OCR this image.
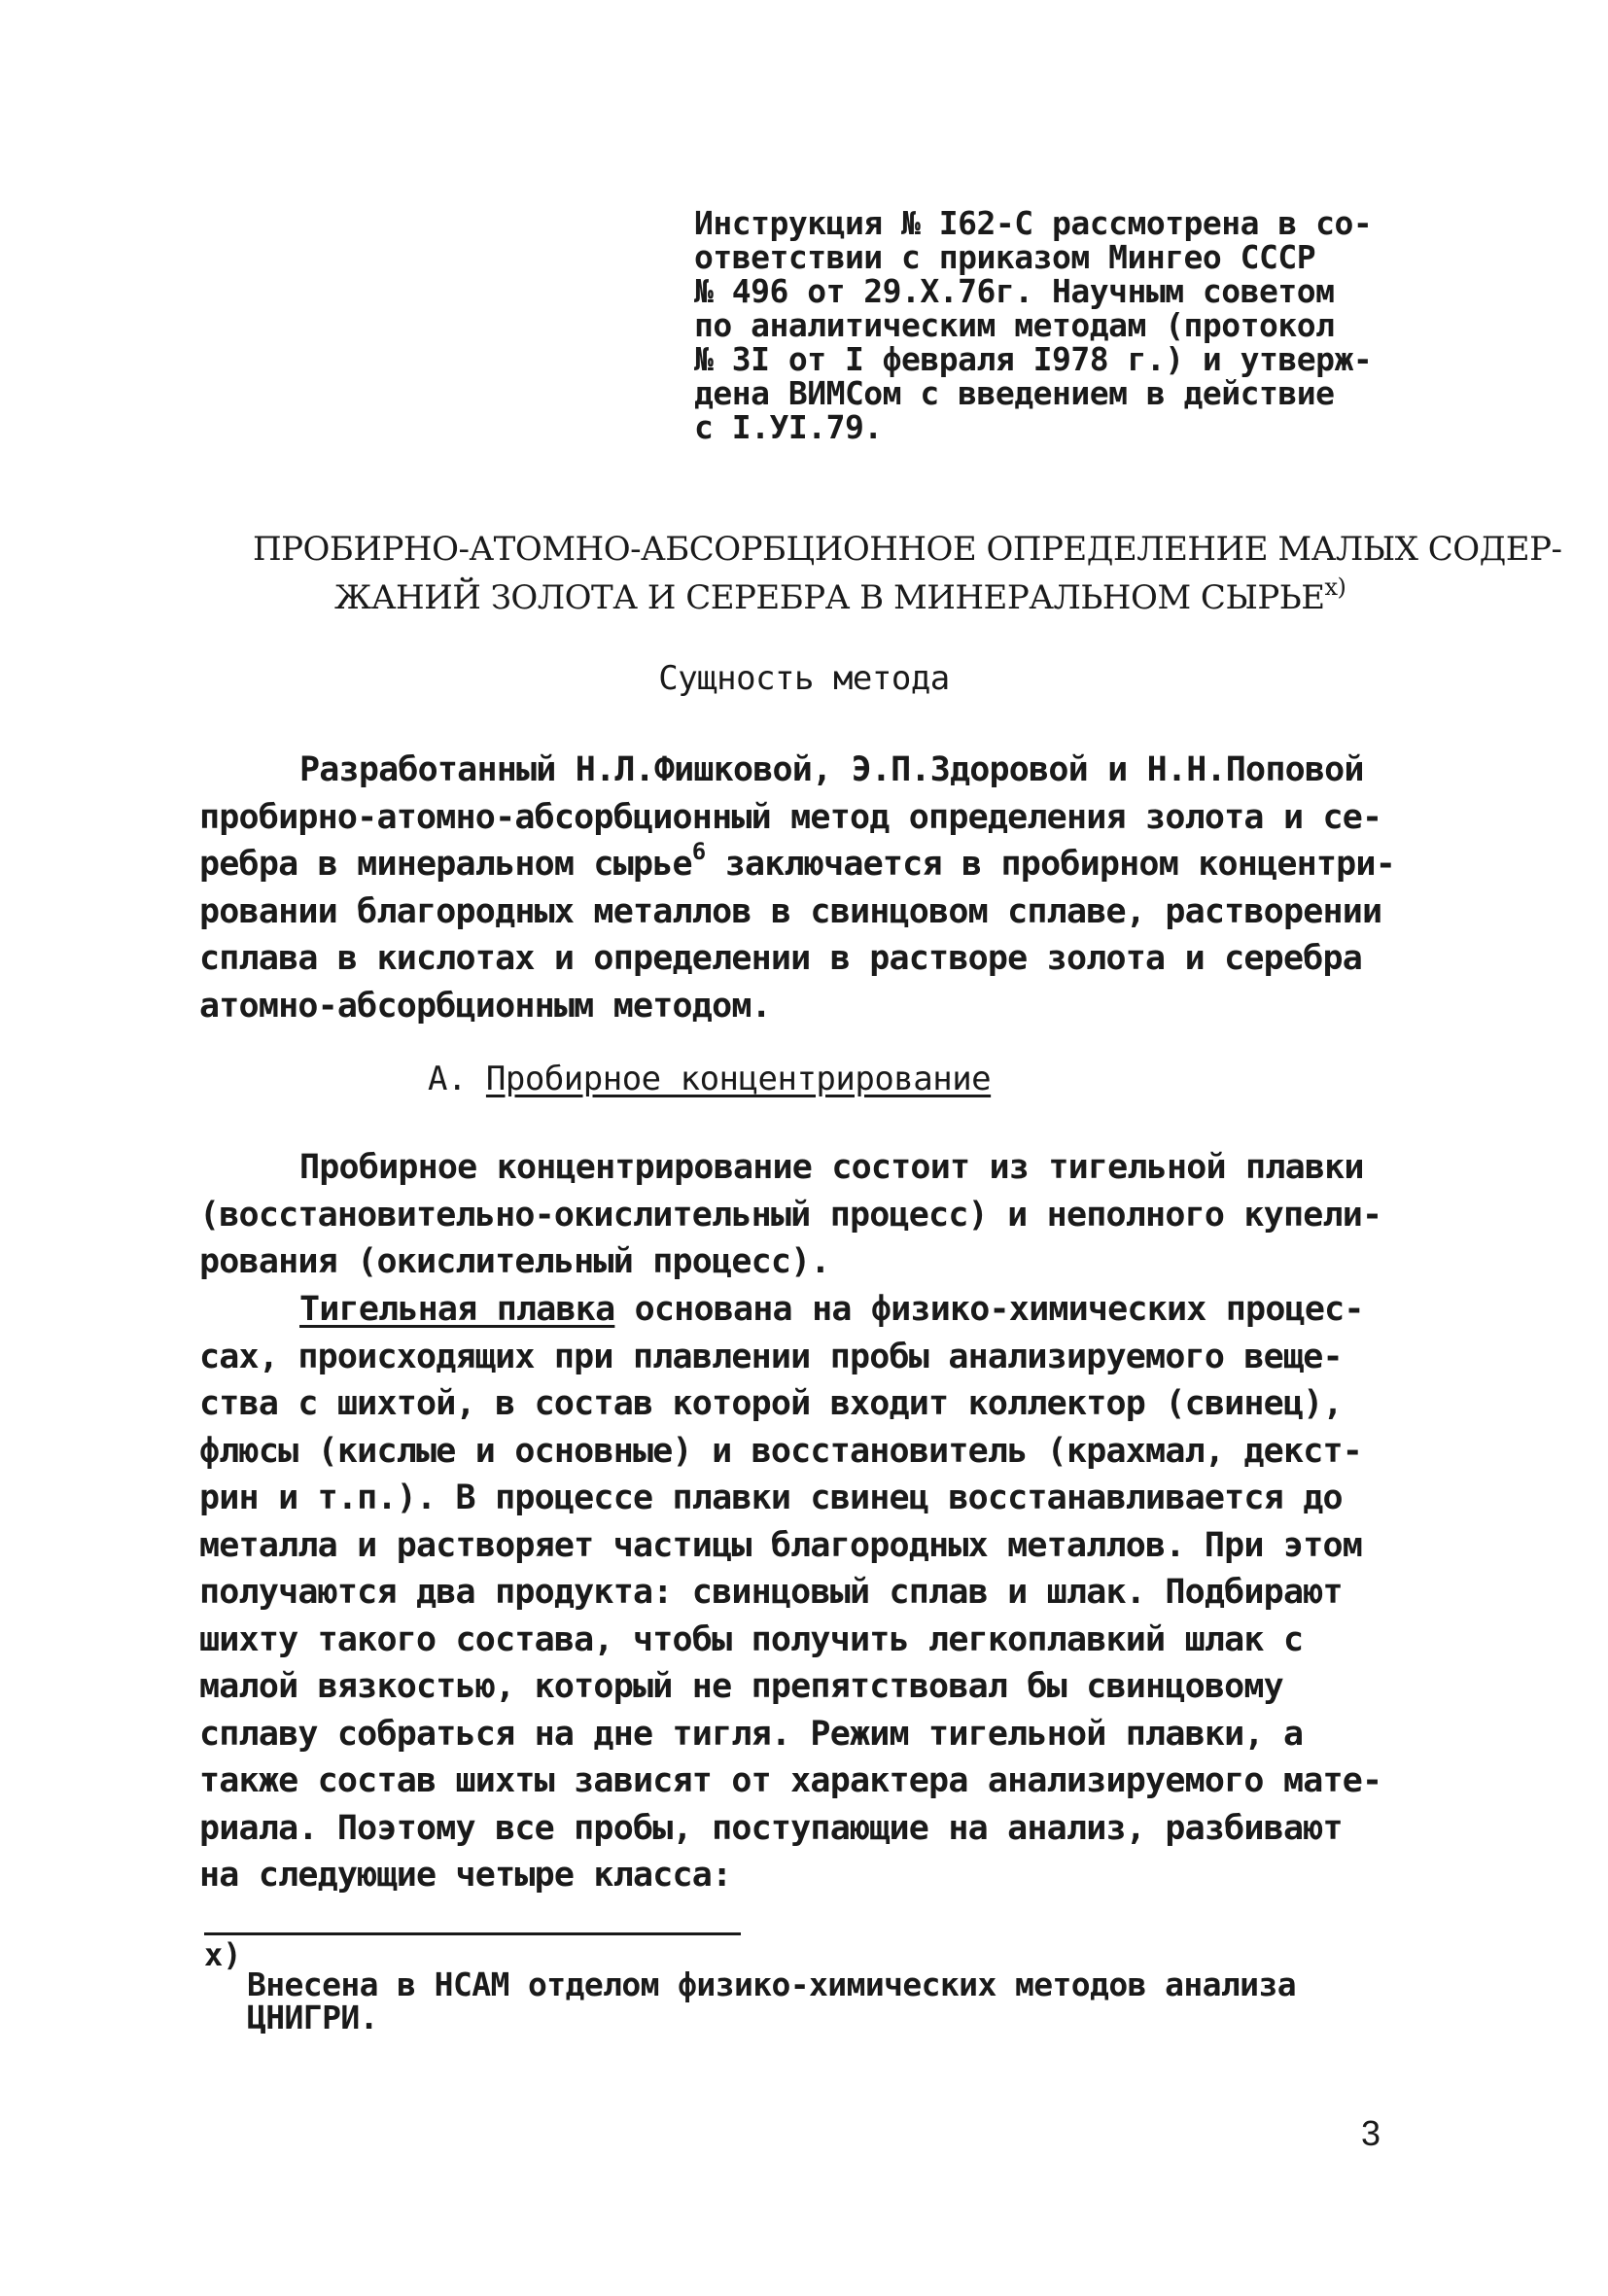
Инструкция № I62-С рассмотрена в со-
ответствии с приказом Мингео СССР
№ 496 от 29.X.76г. Научным советом
по аналитическим методам (протокол
№ 3I от I февраля I978 г.) и утверж-
дена ВИМСом с введением в действие
с I.УI.79.
ПРОБИРНО-АТОМНО-АБСОРБЦИОННОЕ ОПРЕДЕЛЕНИЕ МАЛЫХ СОДЕР-
ЖАНИЙ ЗОЛОТА И СЕРЕБРА В МИНЕРАЛЬНОМ $СЫРЬЕ^{х)}$
Сущность метода
Разработанный Н.Л.Фишковой, Э.П.Здоровой и Н.Н.Поповой
пробирно-атомно-абсорбционный метод определения золота и се-
ребра в минеральном сырье$^6$ заключается в пробирном концентри-
ровании благородных металлов в свинцовом сплаве, растворении
сплава в кислотах и определении в растворе золота и серебра
атомно-абсорбционным методом.
А. Пробирное концентрирование
Пробирное концентрирование состоит из тигельной плавки
(восстановительно-окислительный процесс) и неполного купели-
рования (окислительный процесс).
Тигельная плавка основана на физико-химических процес-
сах, происходящих при плавлении пробы анализируемого веще-
ства с шихтой, в состав которой входит коллектор (свинец),
флюсы (кислые и основные) и восстановитель (крахмал, декст-
рин и т.п.). В процессе плавки свинец восстанавливается до
металла и растворяет частицы благородных металлов. При этом
получаются два продукта: свинцовый сплав и шлак. Подбирают
шихту такого состава, чтобы получить легкоплавкий шлак с
малой вязкостью, который не препятствовал бы свинцовому
сплаву собраться на дне тигля. Режим тигельной плавки, а
также состав шихты зависят от характера анализируемого мате-
риала. Поэтому все пробы, поступающие на анализ, разбивают
на следующие четыре класса:
х)
Внесена в НСАМ отделом физико-химических методов анализа
ЦНИГРИ.
3
